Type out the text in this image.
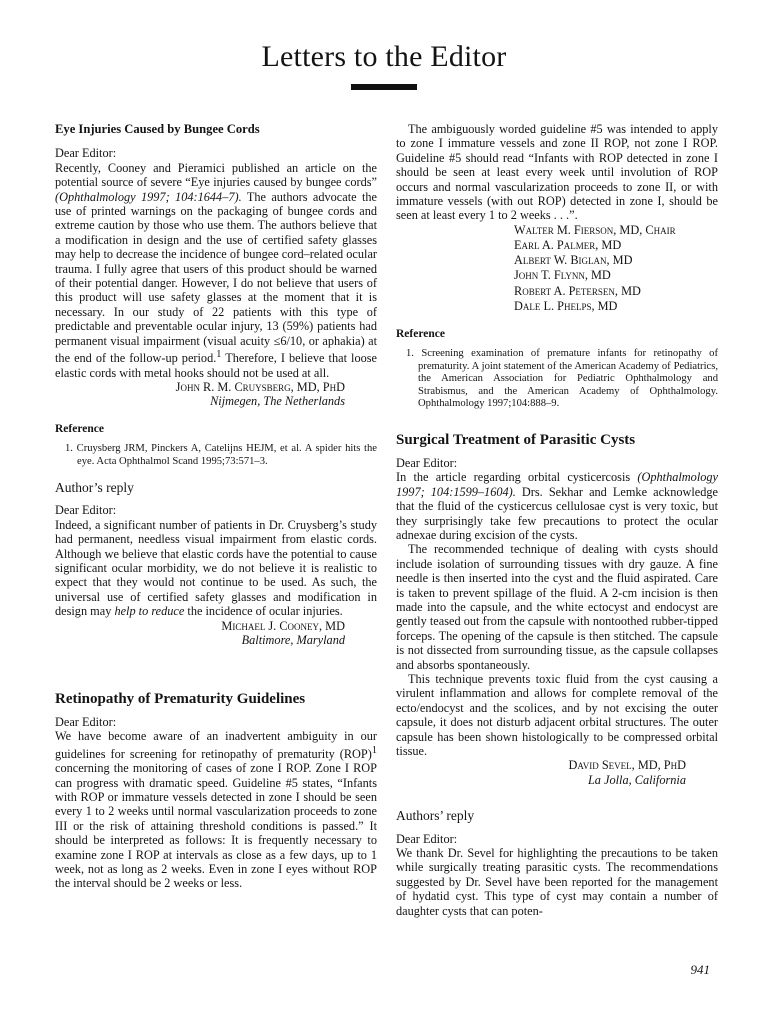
Letters to the Editor
Eye Injuries Caused by Bungee Cords

Dear Editor:

Recently, Cooney and Pieramici published an article on the potential source of severe “Eye injuries caused by bungee cords” (Ophthalmology 1997; 104:1644–7). The authors advocate the use of printed warnings on the packaging of bungee cords and extreme caution by those who use them. The authors believe that a modification in design and the use of certified safety glasses may help to decrease the incidence of bungee cord–related ocular trauma. I fully agree that users of this product should be warned of their potential danger. However, I do not believe that users of this product will use safety glasses at the moment that it is necessary. In our study of 22 patients with this type of predictable and preventable ocular injury, 13 (59%) patients had permanent visual impairment (visual acuity ≤6/10, or aphakia) at the end of the follow-up period.$^1$ Therefore, I believe that loose elastic cords with metal hooks should not be used at all.

John R. M. Cruysberg, MD, PhD

Nijmegen, The Netherlands

Reference

1. Cruysberg JRM, Pinckers A, Catelijns HEJM, et al. A spider hits the eye. Acta Ophthalmol Scand 1995;73:571–3.

Author’s reply

Dear Editor:

Indeed, a significant number of patients in Dr. Cruysberg’s study had permanent, needless visual impairment from elastic cords. Although we believe that elastic cords have the potential to cause significant ocular morbidity, we do not believe it is realistic to expect that they would not continue to be used. As such, the universal use of certified safety glasses and modification in design may help to reduce the incidence of ocular injuries.

Michael J. Cooney, MD

Baltimore, Maryland

Retinopathy of Prematurity Guidelines

Dear Editor:

We have become aware of an inadvertent ambiguity in our guidelines for screening for retinopathy of prematurity (ROP)$^1$ concerning the monitoring of cases of zone I ROP. Zone I ROP can progress with dramatic speed. Guideline #5 states, “Infants with ROP or immature vessels detected in zone I should be seen every 1 to 2 weeks until normal vascularization proceeds to zone III or the risk of attaining threshold conditions is passed.” It should be interpreted as follows: It is frequently necessary to examine zone I ROP at intervals as close as a few days, up to 1 week, not as long as 2 weeks. Even in zone I eyes without ROP the interval should be 2 weeks or less.

The ambiguously worded guideline #5 was intended to apply to zone I immature vessels and zone II ROP, not zone I ROP. Guideline #5 should read “Infants with ROP detected in zone I should be seen at least every week until involution of ROP occurs and normal vascularization proceeds to zone II, or with immature vessels (with out ROP) detected in zone I, should be seen at least every 1 to 2 weeks . . .”.

Walter M. Fierson, MD, Chair
Earl A. Palmer, MD
Albert W. Biglan, MD
John T. Flynn, MD
Robert A. Petersen, MD
Dale L. Phelps, MD
Reference

1. Screening examination of premature infants for retinopathy of prematurity. A joint statement of the American Academy of Pediatrics, the American Association for Pediatric Ophthalmology and Strabismus, and the American Academy of Ophthalmology. Ophthalmology 1997;104:888–9.

Surgical Treatment of Parasitic Cysts

Dear Editor:

In the article regarding orbital cysticercosis (Ophthalmology 1997; 104:1599–1604). Drs. Sekhar and Lemke acknowledge that the fluid of the cysticercus cellulosae cyst is very toxic, but they surprisingly take few precautions to protect the ocular adnexae during excision of the cysts.

The recommended technique of dealing with cysts should include isolation of surrounding tissues with dry gauze. A fine needle is then inserted into the cyst and the fluid aspirated. Care is taken to prevent spillage of the fluid. A 2-cm incision is then made into the capsule, and the white ectocyst and endocyst are gently teased out from the capsule with nontoothed rubber-tipped forceps. The opening of the capsule is then stitched. The capsule is not dissected from surrounding tissue, as the capsule collapses and absorbs spontaneously.

This technique prevents toxic fluid from the cyst causing a virulent inflammation and allows for complete removal of the ecto/endocyst and the scolices, and by not excising the outer capsule, it does not disturb adjacent orbital structures. The outer capsule has been shown histologically to be compressed orbital tissue.

David Sevel, MD, PhD

La Jolla, California

Authors’ reply

Dear Editor:

We thank Dr. Sevel for highlighting the precautions to be taken while surgically treating parasitic cysts. The recommendations suggested by Dr. Sevel have been reported for the management of hydatid cyst. This type of cyst may contain a number of daughter cysts that can poten-

941
